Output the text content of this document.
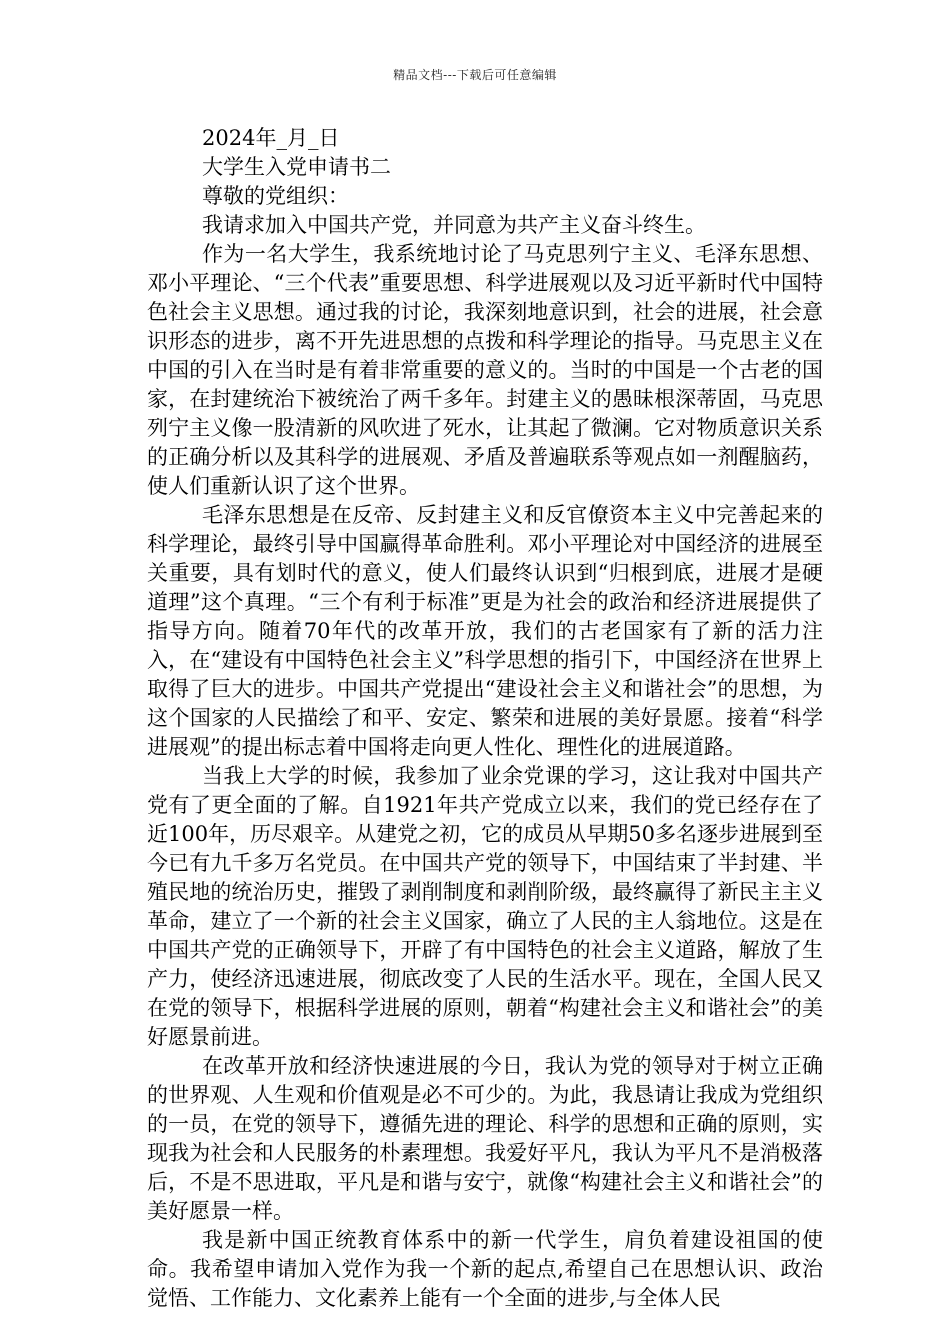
精品文档---下载后可任意编辑

2024年_月_日

大学生入党申请书二

尊敬的党组织：

我请求加入中国共产党，并同意为共产主义奋斗终生。

作为一名大学生，我系统地讨论了马克思列宁主义、毛泽东思想、邓小平理论、“三个代表”重要思想、科学进展观以及习近平新时代中国特色社会主义思想。通过我的讨论，我深刻地意识到，社会的进展，社会意识形态的进步，离不开先进思想的点拨和科学理论的指导。马克思主义在中国的引入在当时是有着非常重要的意义的。当时的中国是一个古老的国家，在封建统治下被统治了两千多年。封建主义的愚昧根深蒂固，马克思列宁主义像一股清新的风吹进了死水，让其起了微澜。它对物质意识关系的正确分析以及其科学的进展观、矛盾及普遍联系等观点如一剂醒脑药，使人们重新认识了这个世界。

毛泽东思想是在反帝、反封建主义和反官僚资本主义中完善起来的科学理论，最终引导中国赢得革命胜利。邓小平理论对中国经济的进展至关重要，具有划时代的意义，使人们最终认识到“归根到底，进展才是硬道理”这个真理。“三个有利于标准”更是为社会的政治和经济进展提供了指导方向。随着70年代的改革开放，我们的古老国家有了新的活力注入，在“建设有中国特色社会主义”科学思想的指引下，中国经济在世界上取得了巨大的进步。中国共产党提出“建设社会主义和谐社会”的思想，为这个国家的人民描绘了和平、安定、繁荣和进展的美好景愿。接着“科学进展观”的提出标志着中国将走向更人性化、理性化的进展道路。

当我上大学的时候，我参加了业余党课的学习，这让我对中国共产党有了更全面的了解。自1921年共产党成立以来，我们的党已经存在了近100年，历尽艰辛。从建党之初，它的成员从早期50多名逐步进展到至今已有九千多万名党员。在中国共产党的领导下，中国结束了半封建、半殖民地的统治历史，摧毁了剥削制度和剥削阶级，最终赢得了新民主主义革命，建立了一个新的社会主义国家，确立了人民的主人翁地位。这是在中国共产党的正确领导下，开辟了有中国特色的社会主义道路，解放了生产力，使经济迅速进展，彻底改变了人民的生活水平。现在，全国人民又在党的领导下，根据科学进展的原则，朝着“构建社会主义和谐社会”的美好愿景前进。

在改革开放和经济快速进展的今日，我认为党的领导对于树立正确的世界观、人生观和价值观是必不可少的。为此，我恳请让我成为党组织的一员，在党的领导下，遵循先进的理论、科学的思想和正确的原则，实现我为社会和人民服务的朴素理想。我爱好平凡，我认为平凡不是消极落后，不是不思进取，平凡是和谐与安宁，就像“构建社会主义和谐社会”的美好愿景一样。

我是新中国正统教育体系中的新一代学生，肩负着建设祖国的使命。我希望申请加入党作为我一个新的起点,希望自己在思想认识、政治觉悟、工作能力、文化素养上能有一个全面的进步,与全体人民
